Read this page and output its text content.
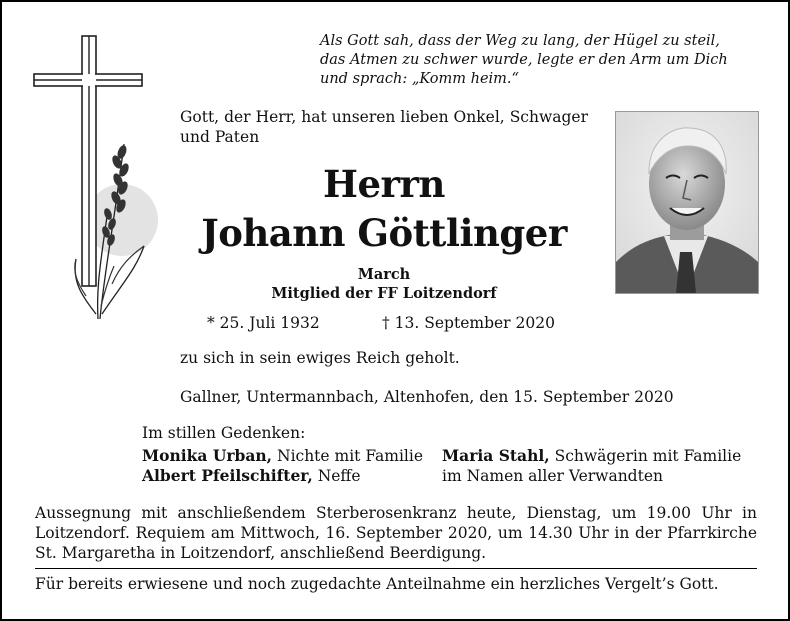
Als Gott sah, dass der Weg zu lang, der Hügel zu steil,
das Atmen zu schwer wurde, legte er den Arm um Dich
und sprach: „Komm heim.“
Gott, der Herr, hat unseren lieben Onkel, Schwager und Paten
Herrn
Johann Göttlinger
March
Mitglied der FF Loitzendorf
* 25. Juli 1932	† 13. September 2020
zu sich in sein ewiges Reich geholt.
Gallner, Untermannbach, Altenhofen, den 15. September 2020
Im stillen Gedenken:
Monika Urban, Nichte mit Familie
Albert Pfeilschifter, Neffe
Maria Stahl, Schwägerin mit Familie
im Namen aller Verwandten
Aussegnung mit anschließendem Sterberosenkranz heute, Dienstag, um 19.00 Uhr in Loitzendorf. Requiem am Mittwoch, 16. September 2020, um 14.30 Uhr in der Pfarrkirche St. Margaretha in Loitzendorf, anschließend Beerdigung.
Für bereits erwiesene und noch zugedachte Anteilnahme ein herzliches Vergelt’s Gott.
